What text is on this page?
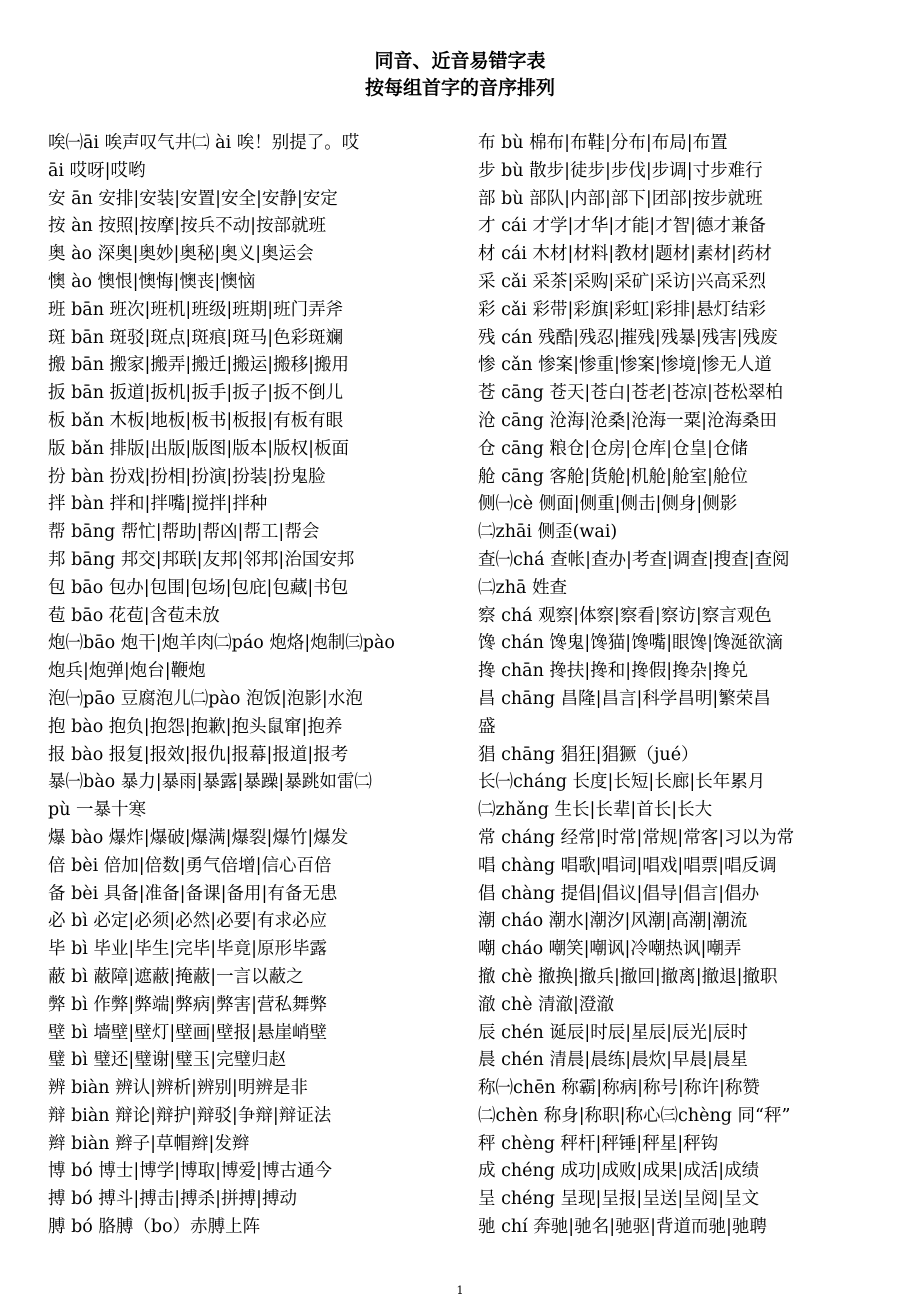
同音、近音易错字表
按每组首字的音序排列
唉㈠āi 唉声叹气井㈡ ài 唉！别提了。哎
āi 哎呀|哎哟
安 ān 安排|安装|安置|安全|安静|安定
按 àn 按照|按摩|按兵不动|按部就班
奥 ào 深奥|奥妙|奥秘|奥义|奥运会
懊 ào 懊恨|懊悔|懊丧|懊恼
班 bān 班次|班机|班级|班期|班门弄斧
斑 bān 斑驳|斑点|斑痕|斑马|色彩斑斓
搬 bān 搬家|搬弄|搬迁|搬运|搬移|搬用
扳 bān 扳道|扳机|扳手|扳子|扳不倒儿
板 bǎn 木板|地板|板书|板报|有板有眼
版 bǎn 排版|出版|版图|版本|版权|板面
扮 bàn 扮戏|扮相|扮演|扮装|扮鬼脸
拌 bàn 拌和|拌嘴|搅拌|拌种
帮 bāng 帮忙|帮助|帮凶|帮工|帮会
邦 bāng 邦交|邦联|友邦|邻邦|治国安邦
包 bāo 包办|包围|包场|包庇|包藏|书包
苞 bāo 花苞|含苞未放
炮㈠bāo 炮干|炮羊肉㈡páo 炮烙|炮制㈢pào
炮兵|炮弹|炮台|鞭炮
泡㈠pāo 豆腐泡儿㈡pào 泡饭|泡影|水泡
抱 bào 抱负|抱怨|抱歉|抱头鼠窜|抱养
报 bào 报复|报效|报仇|报幕|报道|报考
暴㈠bào 暴力|暴雨|暴露|暴躁|暴跳如雷㈡
pù 一暴十寒
爆 bào 爆炸|爆破|爆满|爆裂|爆竹|爆发
倍 bèi 倍加|倍数|勇气倍增|信心百倍
备 bèi 具备|准备|备课|备用|有备无患
必 bì 必定|必须|必然|必要|有求必应
毕 bì 毕业|毕生|完毕|毕竟|原形毕露
蔽 bì 蔽障|遮蔽|掩蔽|一言以蔽之
弊 bì 作弊|弊端|弊病|弊害|营私舞弊
壁 bì 墙壁|壁灯|壁画|壁报|悬崖峭壁
璧 bì 璧还|璧谢|璧玉|完璧归赵
辨 biàn 辨认|辨析|辨别|明辨是非
辩 biàn 辩论|辩护|辩驳|争辩|辩证法
辫 biàn 辫子|草帽辫|发辫
博 bó 博士|博学|博取|博爱|博古通今
搏 bó 搏斗|搏击|搏杀|拼搏|搏动
膊 bó 胳膊（bo）赤膊上阵
布 bù 棉布|布鞋|分布|布局|布置
步 bù 散步|徒步|步伐|步调|寸步难行
部 bù 部队|内部|部下|团部|按步就班
才 cái 才学|才华|才能|才智|德才兼备
材 cái 木材|材料|教材|题材|素材|药材
采 cǎi 采茶|采购|采矿|采访|兴高采烈
彩 cǎi 彩带|彩旗|彩虹|彩排|悬灯结彩
残 cán 残酷|残忍|摧残|残暴|残害|残废
惨 cǎn 惨案|惨重|惨案|惨境|惨无人道
苍 cāng 苍天|苍白|苍老|苍凉|苍松翠柏
沧 cāng 沧海|沧桑|沧海一粟|沧海桑田
仓 cāng 粮仓|仓房|仓库|仓皇|仓储
舱 cāng 客舱|货舱|机舱|舱室|舱位
侧㈠cè 侧面|侧重|侧击|侧身|侧影
㈡zhāi 侧歪(wai)
查㈠chá 查帐|查办|考查|调查|搜查|查阅
㈡zhā 姓查
察 chá 观察|体察|察看|察访|察言观色
馋 chán 馋鬼|馋猫|馋嘴|眼馋|馋涎欲滴
搀 chān 搀扶|搀和|搀假|搀杂|搀兑
昌 chāng 昌隆|昌言|科学昌明|繁荣昌
盛
猖 chāng 猖狂|猖獗（jué）
长㈠cháng 长度|长短|长廊|长年累月
㈡zhǎng 生长|长辈|首长|长大
常 cháng 经常|时常|常规|常客|习以为常
唱 chàng 唱歌|唱词|唱戏|唱票|唱反调
倡 chàng 提倡|倡议|倡导|倡言|倡办
潮 cháo 潮水|潮汐|风潮|高潮|潮流
嘲 cháo 嘲笑|嘲讽|冷嘲热讽|嘲弄
撤 chè 撤换|撤兵|撤回|撤离|撤退|撤职
澈 chè 清澈|澄澈
辰 chén 诞辰|时辰|星辰|辰光|辰时
晨 chén 清晨|晨练|晨炊|早晨|晨星
称㈠chēn 称霸|称病|称号|称许|称赞
㈡chèn 称身|称职|称心㈢chèng 同“秤”
秤 chèng 秤杆|秤锤|秤星|秤钩
成 chéng 成功|成败|成果|成活|成绩
呈 chéng 呈现|呈报|呈送|呈阅|呈文
驰 chí 奔驰|驰名|驰驱|背道而驰|驰聘
1
